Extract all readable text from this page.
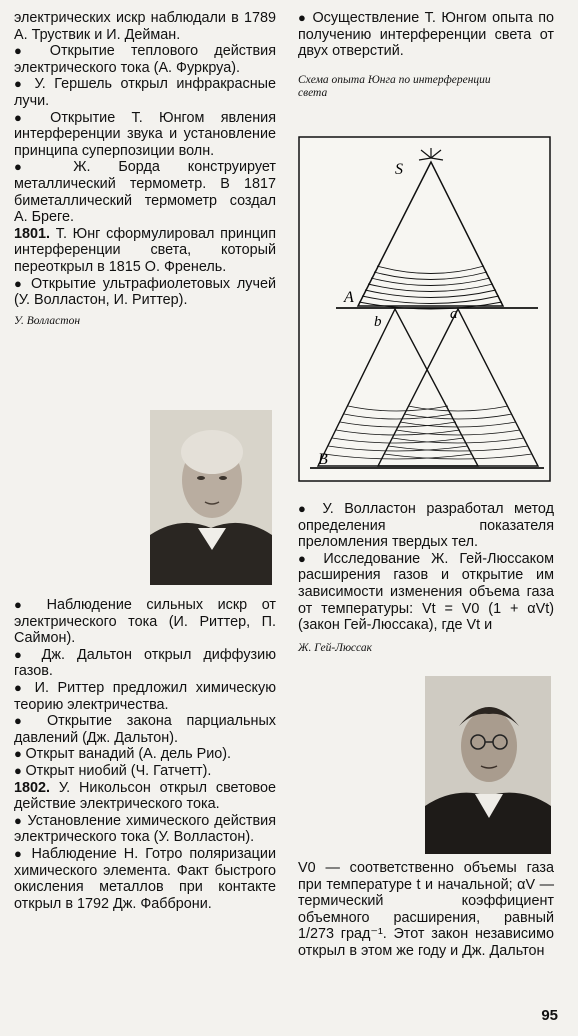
электрических искр наблюдали в 1789 А. Труствик и И. Дейман.

● Открытие теплового действия электрического тока (А. Фуркруа).

● У. Гершель открыл инфракрасные лучи.

● Открытие Т. Юнгом явления интерференции звука и установление принципа суперпозиции волн.

● Ж. Борда конструирует металлический термометр. В 1817 биметаллический термометр создал А. Бреге.

1801. Т. Юнг сформулировал принцип интерференции света, который переоткрыл в 1815 О. Френель.

● Открытие ультрафиолетовых лучей (У. Волластон, И. Риттер).

У. Волластон

● Наблюдение сильных искр от электрического тока (И. Риттер, П. Саймон).

● Дж. Дальтон открыл диффузию газов.

● И. Риттер предложил химическую теорию электричества.

● Открытие закона парциальных давлений (Дж. Дальтон).

● Открыт ванадий (А. дель Рио).

● Открыт ниобий (Ч. Гатчетт).

1802. У. Никольсон открыл световое действие электрического тока.

● Установление химического действия электрического тока (У. Волластон).

● Наблюдение Н. Готро поляризации химического элемента. Факт быстрого окисления металлов при контакте открыл в 1792 Дж. Фабброни.

● Осуществление Т. Юнгом опыта по получению интерференции света от двух отверстий.

Схема опыта Юнга по интерференции света

S
A
b	a
B

● У. Волластон разработал метод определения показателя преломления твердых тел.

● Исследование Ж. Гей-Люссаком расширения газов и открытие им зависимости изменения объема газа от температуры: Vt = V0 (1 + αVt) (закон Гей-Люссака), где Vt и

Ж. Гей-Люссак

V0 — соответственно объемы газа при температуре t и начальной; αV — термический коэффициент объемного расширения, равный 1/273 град⁻¹. Этот закон независимо открыл в этом же году и Дж. Дальтон

95
